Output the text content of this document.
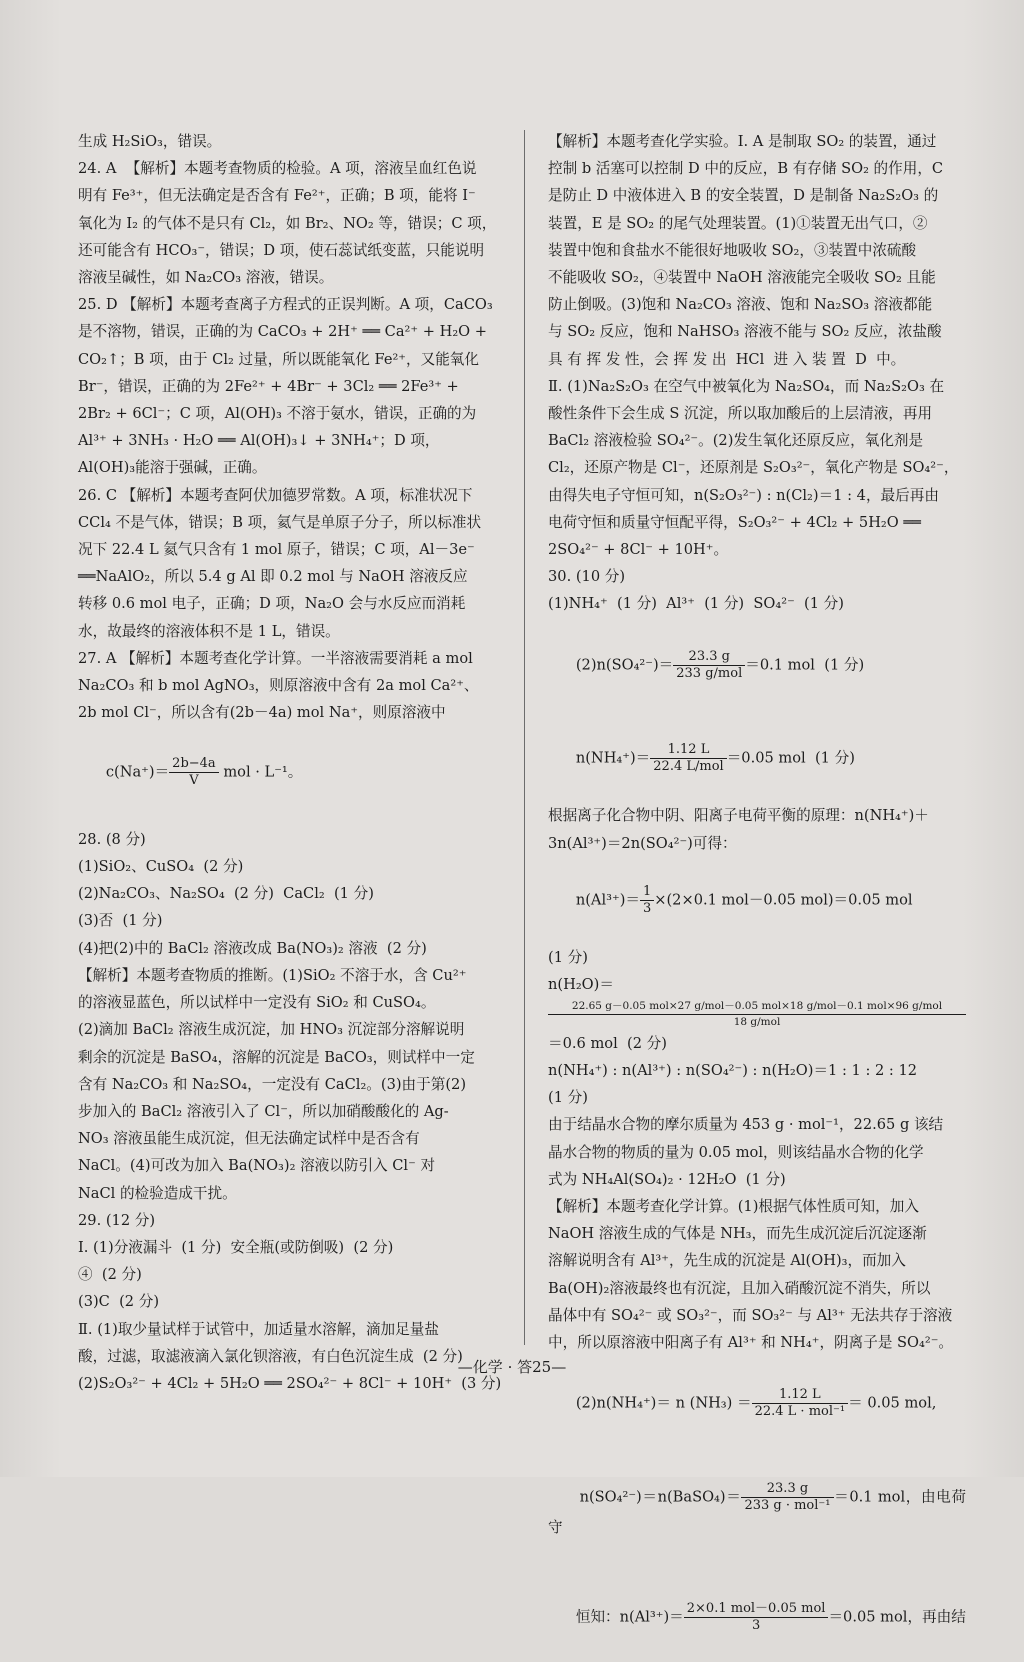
生成 H₂SiO₃，错误。
24. A  【解析】本题考查物质的检验。A 项，溶液呈血红色说
明有 Fe³⁺，但无法确定是否含有 Fe²⁺，正确；B 项，能将 I⁻
氧化为 I₂ 的气体不是只有 Cl₂，如 Br₂、NO₂ 等，错误；C 项，
还可能含有 HCO₃⁻，错误；D 项，使石蕊试纸变蓝，只能说明
溶液呈碱性，如 Na₂CO₃ 溶液，错误。
25. D 【解析】本题考查离子方程式的正误判断。A 项，CaCO₃
是不溶物，错误，正确的为 CaCO₃ + 2H⁺ ══ Ca²⁺ + H₂O +
CO₂↑；B 项，由于 Cl₂ 过量，所以既能氧化 Fe²⁺，又能氧化
Br⁻，错误，正确的为 2Fe²⁺ + 4Br⁻ + 3Cl₂ ══ 2Fe³⁺ +
2Br₂ + 6Cl⁻；C 项，Al(OH)₃ 不溶于氨水，错误，正确的为
Al³⁺ + 3NH₃ · H₂O ══ Al(OH)₃↓ + 3NH₄⁺；D 项，
Al(OH)₃能溶于强碱，正确。
26. C 【解析】本题考查阿伏加德罗常数。A 项，标准状况下
CCl₄ 不是气体，错误；B 项，氦气是单原子分子，所以标准状
况下 22.4 L 氦气只含有 1 mol 原子，错误；C 项，Al－3e⁻
══NaAlO₂，所以 5.4 g Al 即 0.2 mol 与 NaOH 溶液反应
转移 0.6 mol 电子，正确；D 项，Na₂O 会与水反应而消耗
水，故最终的溶液体积不是 1 L，错误。
27. A 【解析】本题考查化学计算。一半溶液需要消耗 a mol
Na₂CO₃ 和 b mol AgNO₃，则原溶液中含有 2a mol Ca²⁺、
2b mol Cl⁻，所以含有(2b－4a) mol Na⁺，则原溶液中

$c(Na^+)= \frac{2b-4a}{V}$ mol · L⁻¹。

28. (8 分)
(1)SiO₂、CuSO₄  (2 分)
(2)Na₂CO₃、Na₂SO₄  (2 分)  CaCl₂  (1 分)
(3)否  (1 分)
(4)把(2)中的 BaCl₂ 溶液改成 Ba(NO₃)₂ 溶液  (2 分)
【解析】本题考查物质的推断。(1)SiO₂ 不溶于水，含 Cu²⁺
的溶液显蓝色，所以试样中一定没有 SiO₂ 和 CuSO₄。
(2)滴加 BaCl₂ 溶液生成沉淀，加 HNO₃ 沉淀部分溶解说明
剩余的沉淀是 BaSO₄，溶解的沉淀是 BaCO₃，则试样中一定
含有 Na₂CO₃ 和 Na₂SO₄，一定没有 CaCl₂。(3)由于第(2)
步加入的 BaCl₂ 溶液引入了 Cl⁻，所以加硝酸酸化的 Ag-
NO₃ 溶液虽能生成沉淀，但无法确定试样中是否含有
NaCl。(4)可改为加入 Ba(NO₃)₂ 溶液以防引入 Cl⁻ 对
NaCl 的检验造成干扰。
29. (12 分)
Ⅰ. (1)分液漏斗  (1 分)  安全瓶(或防倒吸)  (2 分)
④  (2 分)
(3)C  (2 分)
Ⅱ. (1)取少量试样于试管中，加适量水溶解，滴加足量盐
酸，过滤，取滤液滴入氯化钡溶液，有白色沉淀生成  (2 分)
(2)S₂O₃²⁻ + 4Cl₂ + 5H₂O ══ 2SO₄²⁻ + 8Cl⁻ + 10H⁺  (3 分)
【解析】本题考查化学实验。Ⅰ. A 是制取 SO₂ 的装置，通过
控制 b 活塞可以控制 D 中的反应，B 有存储 SO₂ 的作用，C
是防止 D 中液体进入 B 的安全装置，D 是制备 Na₂S₂O₃ 的
装置，E 是 SO₂ 的尾气处理装置。(1)①装置无出气口，②
装置中饱和食盐水不能很好地吸收 SO₂，③装置中浓硫酸
不能吸收 SO₂，④装置中 NaOH 溶液能完全吸收 SO₂ 且能
防止倒吸。(3)饱和 Na₂CO₃ 溶液、饱和 Na₂SO₃ 溶液都能
与 SO₂ 反应，饱和 NaHSO₃ 溶液不能与 SO₂ 反应，浓盐酸
具 有 挥 发 性，会 挥 发 出  HCl  进 入 装 置  D  中。
Ⅱ. (1)Na₂S₂O₃ 在空气中被氧化为 Na₂SO₄，而 Na₂S₂O₃ 在
酸性条件下会生成 S 沉淀，所以取加酸后的上层清液，再用
BaCl₂ 溶液检验 SO₄²⁻。(2)发生氧化还原反应，氧化剂是
Cl₂，还原产物是 Cl⁻，还原剂是 S₂O₃²⁻，氧化产物是 SO₄²⁻，
由得失电子守恒可知，n(S₂O₃²⁻) : n(Cl₂)＝1 : 4，最后再由
电荷守恒和质量守恒配平得，S₂O₃²⁻ + 4Cl₂ + 5H₂O ══
2SO₄²⁻ + 8Cl⁻ + 10H⁺。
30. (10 分)
(1)NH₄⁺  (1 分)  Al³⁺  (1 分)  SO₄²⁻  (1 分)

$(2)n(SO_4^{2-})= \frac{23.3 g}{\text{233 g/mol}} =0.1$ mol  (1 分)

$n(NH_4^+)= \frac{1.12 L}{\text{22.4 L/mol}} =0.05$ mol  (1 分)

根据离子化合物中阴、阳离子电荷平衡的原理：n(NH₄⁺)＋
3n(Al³⁺)＝2n(SO₄²⁻)可得：

$n(Al^{3+})= \frac{1}{3} \times(2\times 0.1$ mol－0.05 mol)＝0.05 mol

(1 分)
n(H₂O)＝
22.65 g－0.05 mol×27 g/mol－0.05 mol×18 g/mol－0.1 mol×96 g/mol
18 g/mol
＝0.6 mol  (2 分)
n(NH₄⁺) : n(Al³⁺) : n(SO₄²⁻) : n(H₂O)＝1 : 1 : 2 : 12
(1 分)
由于结晶水合物的摩尔质量为 453 g · mol⁻¹，22.65 g 该结
晶水合物的物质的量为 0.05 mol，则该结晶水合物的化学
式为 NH₄Al(SO₄)₂ · 12H₂O  (1 分)
【解析】本题考查化学计算。(1)根据气体性质可知，加入
NaOH 溶液生成的气体是 NH₃，而先生成沉淀后沉淀逐渐
溶解说明含有 Al³⁺，先生成的沉淀是 Al(OH)₃，而加入
Ba(OH)₂溶液最终也有沉淀，且加入硝酸沉淀不消失，所以
晶体中有 SO₄²⁻ 或 SO₃²⁻，而 SO₃²⁻ 与 Al³⁺ 无法共存于溶液
中，所以原溶液中阳离子有 Al³⁺ 和 NH₄⁺，阴离子是 SO₄²⁻。

(2)n(NH₄⁺)＝ n $(NH_3) = \frac{1.12 L}{\text{22.4 L · mol⁻¹}} = 0.05$ mol,

n(SO₄²⁻)＝n(BaSO₄)＝ $\frac{23.3 g}{\text{233 g · mol⁻¹}} =0.1$ mol，由电荷守

恒知：$n(Al^{3+})= \frac{\text{2×0.1 mol－0.05 mol}}{3} =0.05$ mol，再由结

—化学 · 答25—
